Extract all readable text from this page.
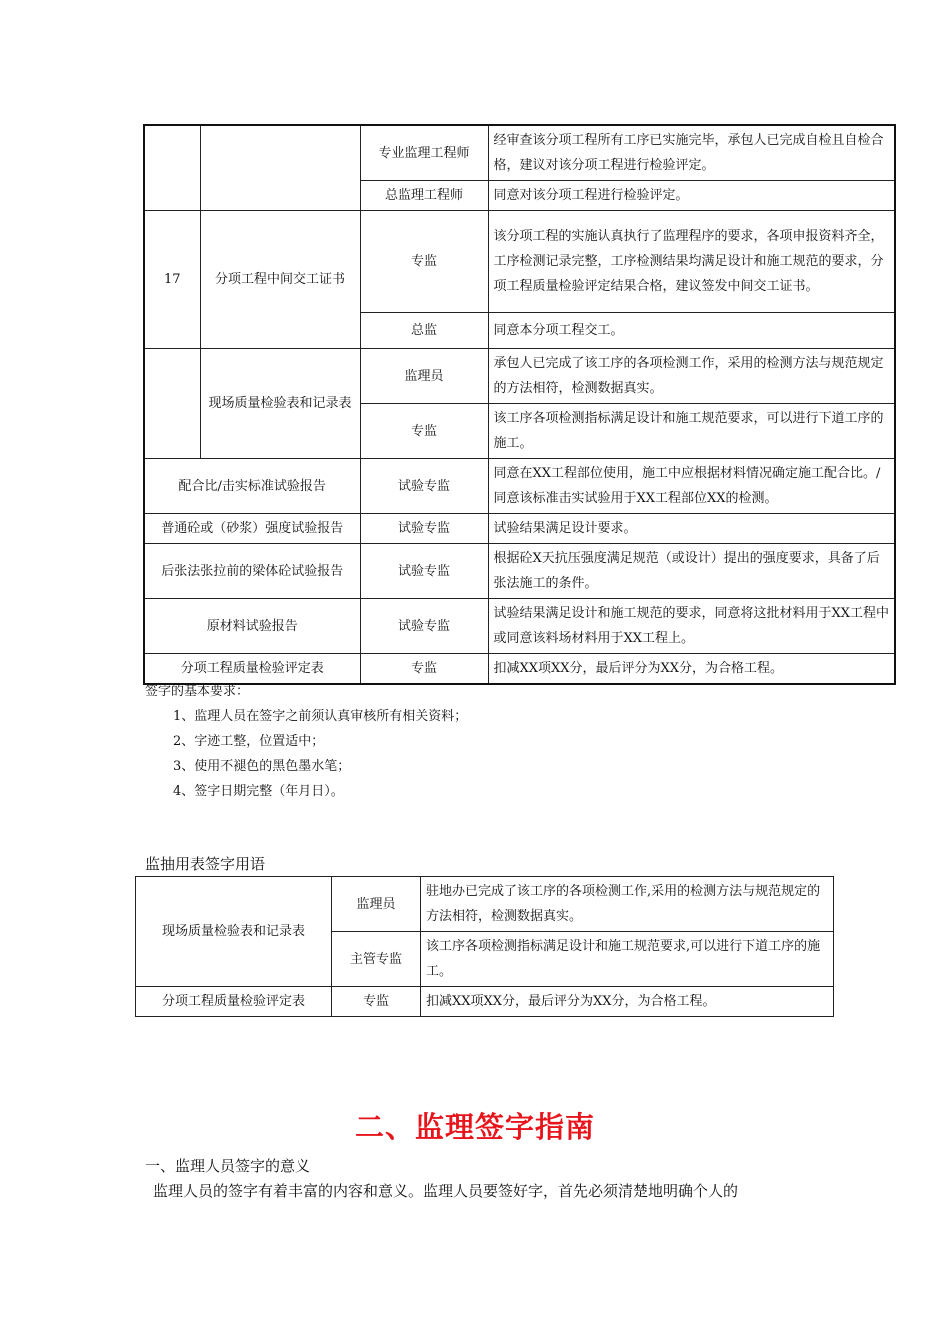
		专业监理工程师	经审查该分项工程所有工序已实施完毕，承包人已完成自检且自检合格，建议对该分项工程进行检验评定。
		总监理工程师	同意对该分项工程进行检验评定。
17	分项工程中间交工证书	专监	该分项工程的实施认真执行了监理程序的要求，各项申报资料齐全，工序检测记录完整，工序检测结果均满足设计和施工规范的要求，分项工程质量检验评定结果合格，建议签发中间交工证书。
		总监	同意本分项工程交工。
	现场质量检验表和记录表	监理员	承包人已完成了该工序的各项检测工作，采用的检测方法与规范规定的方法相符，检测数据真实。
		专监	该工序各项检测指标满足设计和施工规范要求，可以进行下道工序的施工。
配合比/击实标准试验报告		试验专监	同意在XX工程部位使用，施工中应根据材料情况确定施工配合比。/同意该标准击实试验用于XX工程部位XX的检测。
普通砼或（砂浆）强度试验报告		试验专监	试验结果满足设计要求。
后张法张拉前的梁体砼试验报告		试验专监	根据砼X天抗压强度满足规范（或设计）提出的强度要求，具备了后张法施工的条件。
原材料试验报告		试验专监	试验结果满足设计和施工规范的要求，同意将这批材料用于XX工程中或同意该料场材料用于XX工程上。
分项工程质量检验评定表		专监	扣减XX项XX分，最后评分为XX分，为合格工程。
签字的基本要求：
1、监理人员在签字之前须认真审核所有相关资料；
2、字迹工整，位置适中；
3、使用不褪色的黑色墨水笔；
4、签字日期完整（年月日）。
监抽用表签字用语
现场质量检验表和记录表	监理员	驻地办已完成了该工序的各项检测工作,采用的检测方法与规范规定的方法相符，检测数据真实。
	主管专监	该工序各项检测指标满足设计和施工规范要求,可以进行下道工序的施工。
分项工程质量检验评定表	专监	扣减XX项XX分，最后评分为XX分，为合格工程。
二、监理签字指南
一、监理人员签字的意义
监理人员的签字有着丰富的内容和意义。监理人员要签好字，首先必须清楚地明确个人的
